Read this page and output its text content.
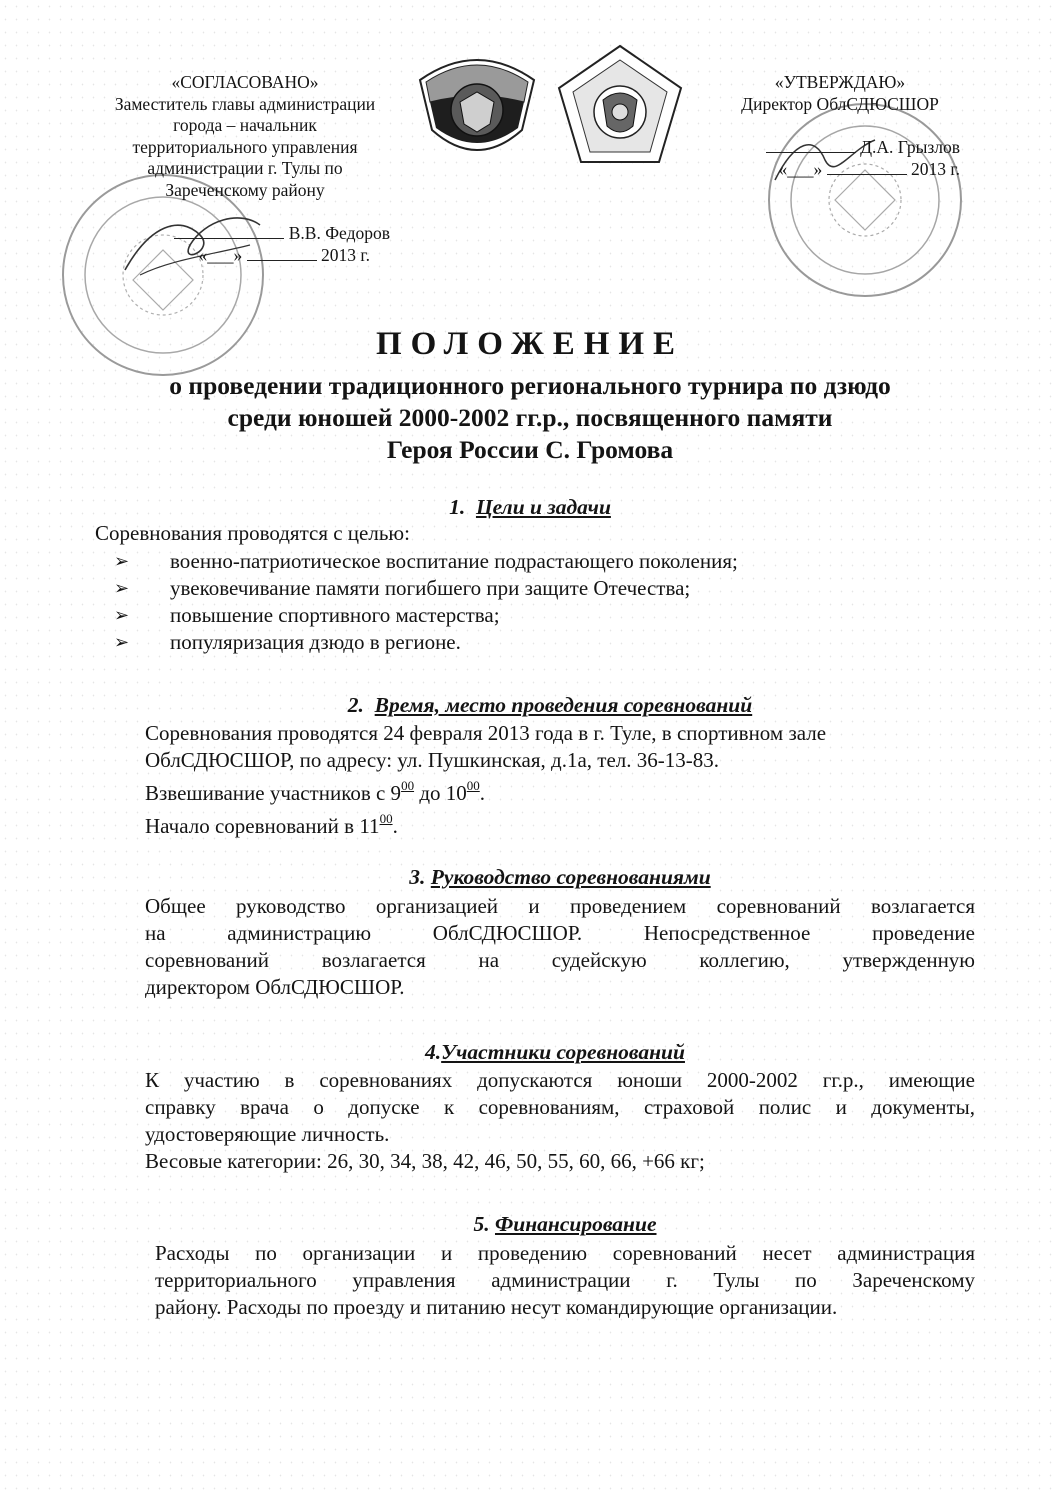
«СОГЛАСОВАНО»
Заместитель главы администрации
города – начальник
территориального управления
администрации г. Тулы по
Зареченскому району
В.В. Федоров
«___»	2013 г.
«УТВЕРЖДАЮ»
Директор ОблСДЮСШОР
Д.А. Грызлов
«___»	2013 г.
ПОЛОЖЕНИЕ
о проведении традиционного регионального турнира по дзюдо
среди юношей 2000-2002 гг.р., посвященного памяти
Героя России С. Громова
1. Цели и задачи
Соревнования проводятся с целью:
➢ военно-патриотическое воспитание подрастающего поколения;
➢ увековечивание памяти погибшего при защите Отечества;
➢ повышение спортивного мастерства;
➢ популяризация дзюдо в регионе.
2. Время, место проведения соревнований
Соревнования проводятся 24 февраля 2013 года в г. Туле, в спортивном зале
ОблСДЮСШОР, по адресу: ул. Пушкинская, д.1а, тел. 36-13-83.
Взвешивание участников с $9^{00}$ до $10^{00}$.
Начало соревнований в $11^{00}$.
3. Руководство соревнованиями
Общее руководство организацией и проведением соревнований возлагается
на администрацию ОблСДЮСШОР. Непосредственное проведение
соревнований возлагается на судейскую коллегию, утвержденную
директором ОблСДЮСШОР.
4.Участники соревнований
К участию в соревнованиях допускаются юноши 2000-2002 гг.р., имеющие
справку врача о допуске к соревнованиям, страховой полис и документы,
удостоверяющие личность.
Весовые категории: 26, 30, 34, 38, 42, 46, 50, 55, 60, 66, +66 кг;
5. Финансирование
Расходы по организации и проведению соревнований несет администрация
территориального управления администрации г. Тулы по Зареченскому
району. Расходы по проезду и питанию несут командирующие организации.
